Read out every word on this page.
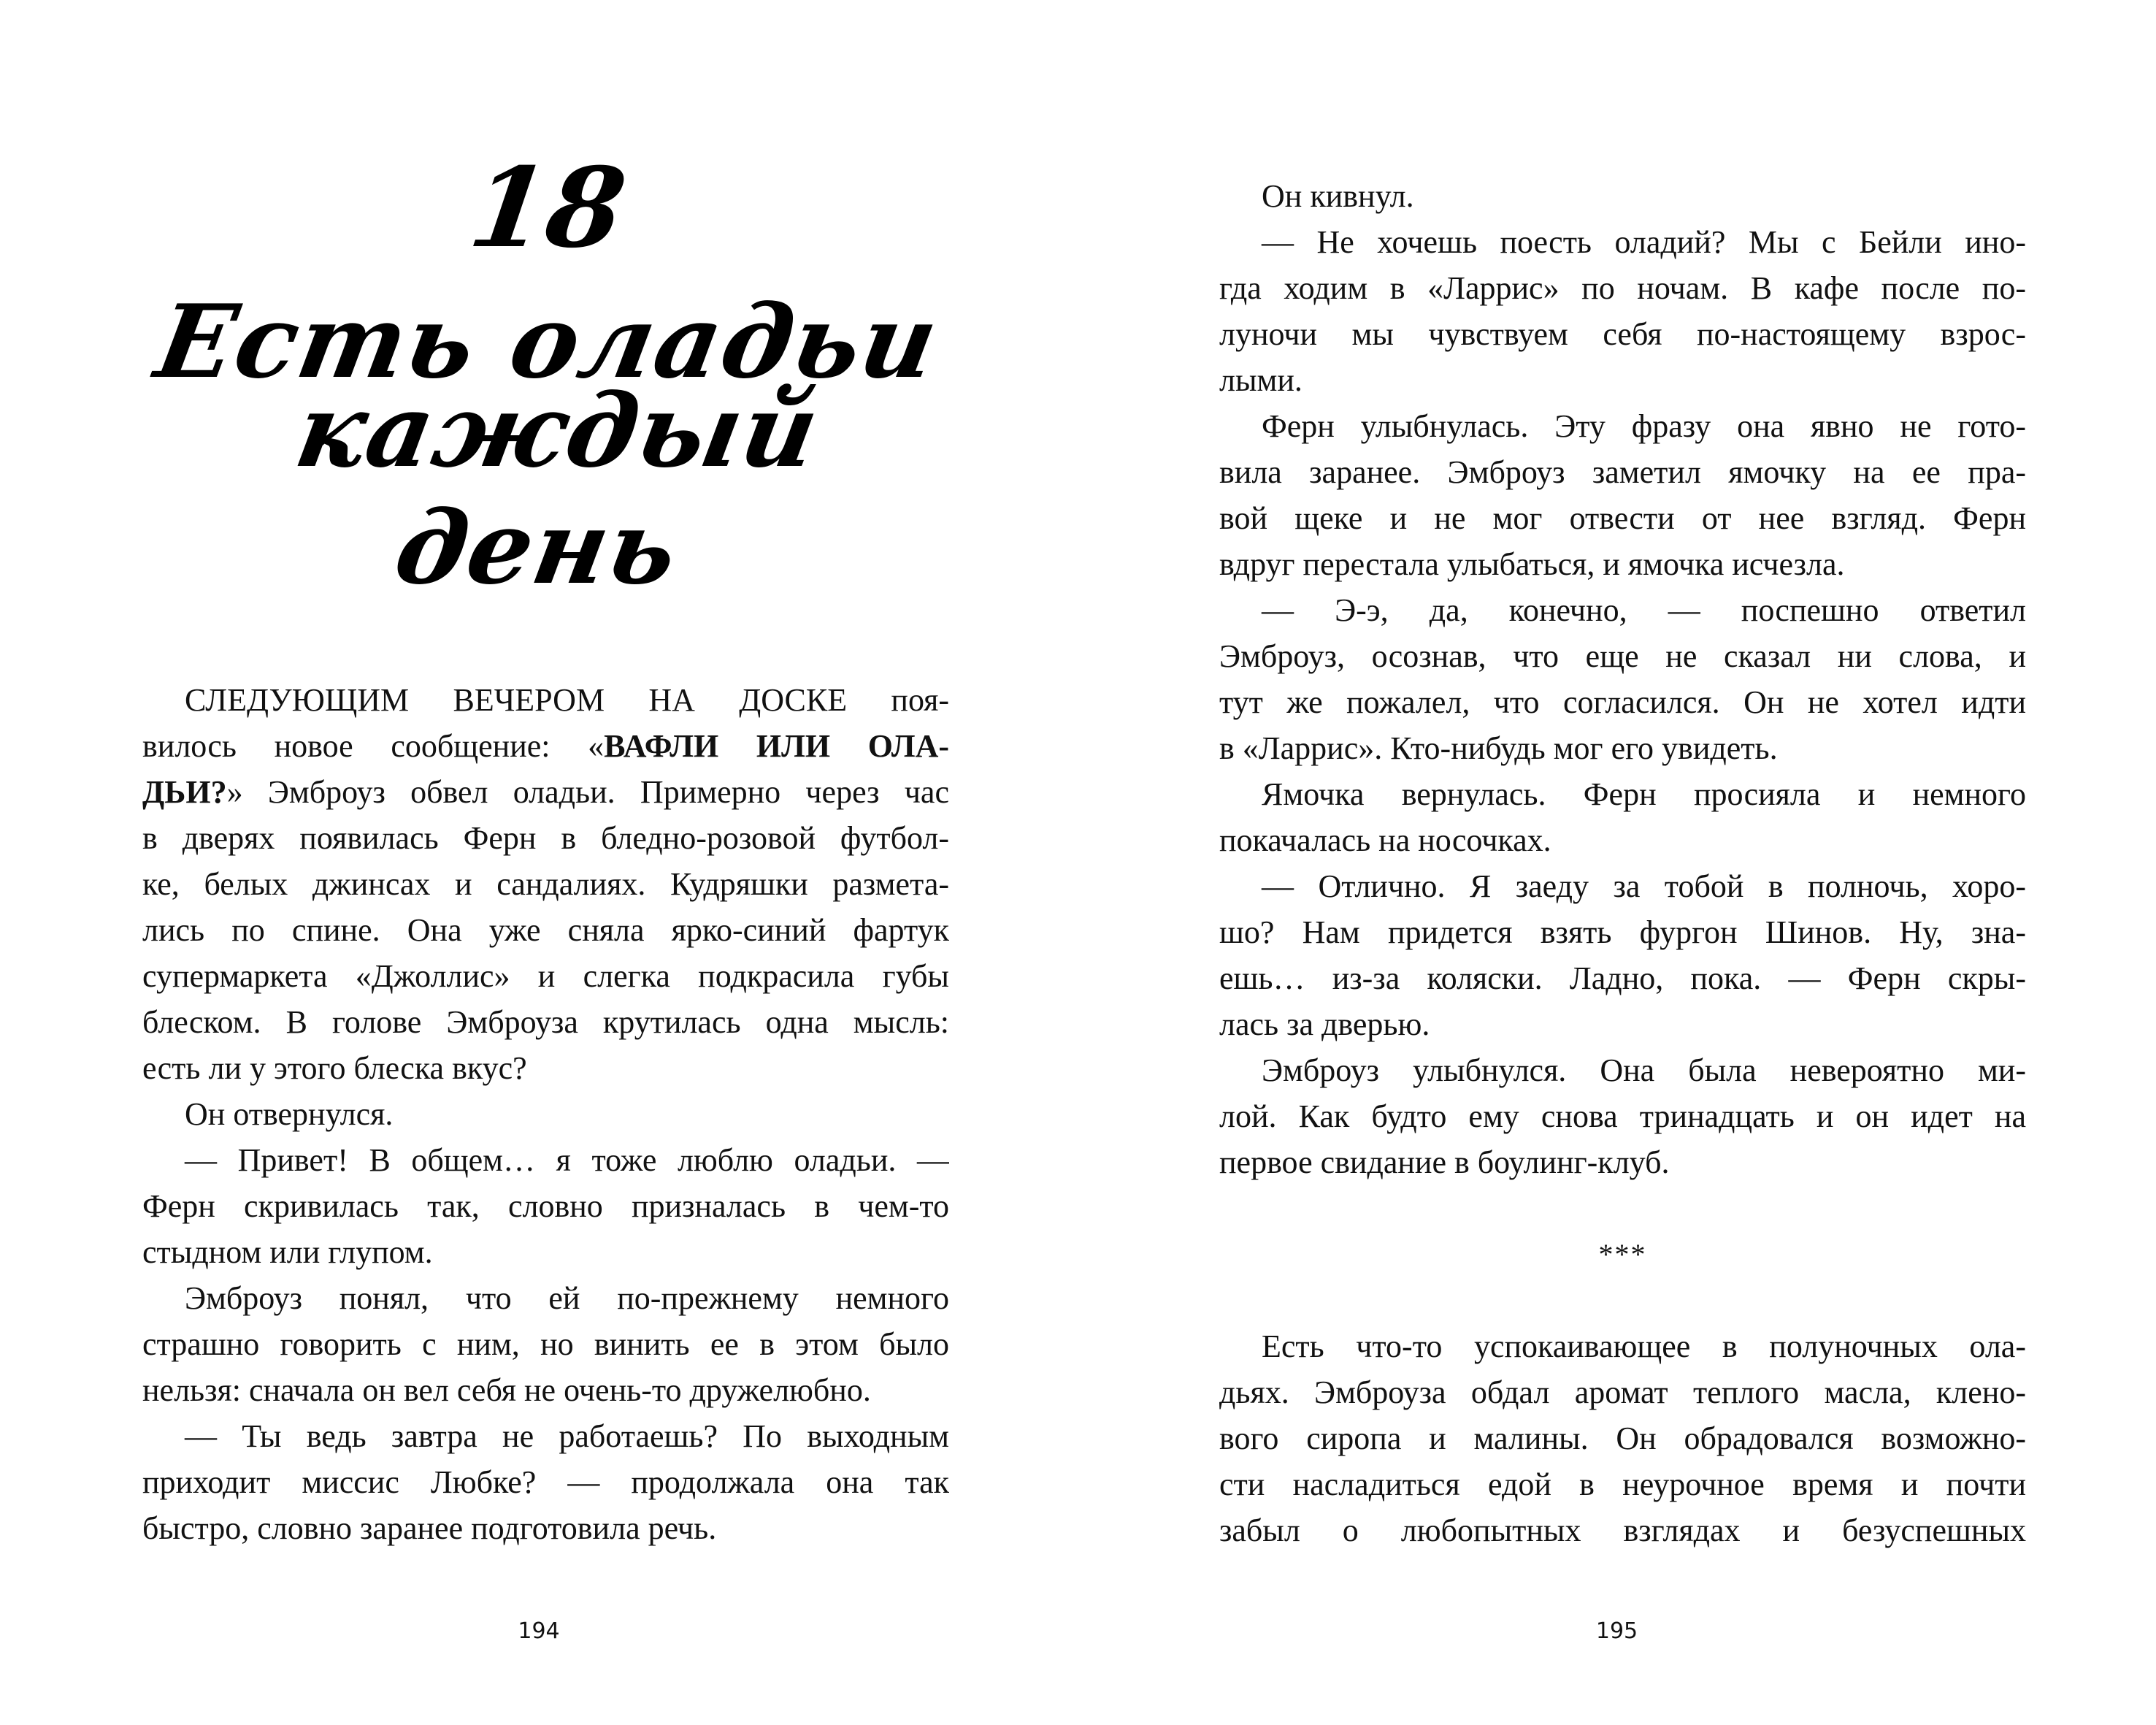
18
Есть оладьи
каждый день
СЛЕДУЮЩИМ ВЕЧЕРОМ НА ДОСКЕ поя-
вилось новое сообщение: «ВАФЛИ ИЛИ ОЛА-
ДЬИ?» Эмброуз обвел оладьи. Примерно через час
в дверях появилась Ферн в бледно-розовой футбол-
ке, белых джинсах и сандалиях. Кудряшки размета-
лись по спине. Она уже сняла ярко-синий фартук
супермаркета «Джоллис» и слегка подкрасила губы
блеском. В голове Эмброуза крутилась одна мысль:
есть ли у этого блеска вкус?
Он отвернулся.
— Привет! В общем… я тоже люблю оладьи. —
Ферн скривилась так, словно призналась в чем-то
стыдном или глупом.
Эмброуз понял, что ей по-прежнему немного
страшно говорить с ним, но винить ее в этом было
нельзя: сначала он вел себя не очень-то дружелюбно.
— Ты ведь завтра не работаешь? По выходным
приходит миссис Любке? — продолжала она так
быстро, словно заранее подготовила речь.
194
Он кивнул.
— Не хочешь поесть оладий? Мы с Бейли ино-
гда ходим в «Ларрис» по ночам. В кафе после по-
луночи мы чувствуем себя по-настоящему взрос-
лыми.
Ферн улыбнулась. Эту фразу она явно не гото-
вила заранее. Эмброуз заметил ямочку на ее пра-
вой щеке и не мог отвести от нее взгляд. Ферн
вдруг перестала улыбаться, и ямочка исчезла.
— Э-э, да, конечно, — поспешно ответил
Эмброуз, осознав, что еще не сказал ни слова, и
тут же пожалел, что согласился. Он не хотел идти
в «Ларрис». Кто-нибудь мог его увидеть.
Ямочка вернулась. Ферн просияла и немного
покачалась на носочках.
— Отлично. Я заеду за тобой в полночь, хоро-
шо? Нам придется взять фургон Шинов. Ну, зна-
ешь… из-за коляски. Ладно, пока. — Ферн скры-
лась за дверью.
Эмброуз улыбнулся. Она была невероятно ми-
лой. Как будто ему снова тринадцать и он идет на
первое свидание в боулинг-клуб.
***
Есть что-то успокаивающее в полуночных ола-
дьях. Эмброуза обдал аромат теплого масла, клено-
вого сиропа и малины. Он обрадовался возможно-
сти насладиться едой в неурочное время и почти
забыл о любопытных взглядах и безуспешных
195
